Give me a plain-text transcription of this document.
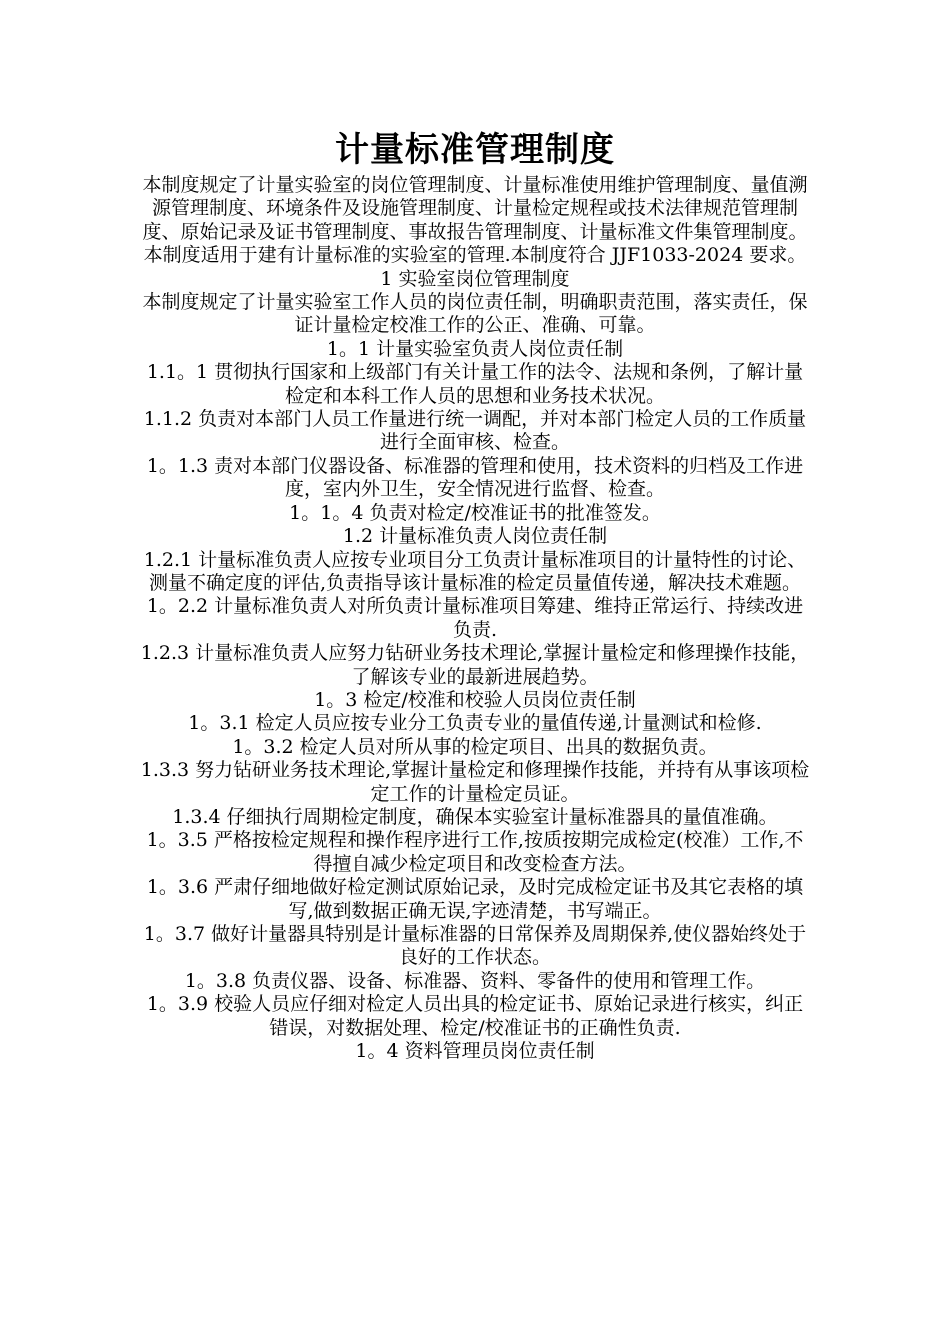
计量标准管理制度

本制度规定了计量实验室的岗位管理制度、计量标准使用维护管理制度、量值溯源管理制度、环境条件及设施管理制度、计量检定规程或技术法律规范管理制度、原始记录及证书管理制度、事故报告管理制度、计量标准文件集管理制度。

本制度适用于建有计量标准的实验室的管理.本制度符合 JJF1033-2024 要求。

1 实验室岗位管理制度

本制度规定了计量实验室工作人员的岗位责任制，明确职责范围，落实责任，保证计量检定校准工作的公正、准确、可靠。

1。1 计量实验室负责人岗位责任制

1.1。1 贯彻执行国家和上级部门有关计量工作的法令、法规和条例，了解计量检定和本科工作人员的思想和业务技术状况。

1.1.2 负责对本部门人员工作量进行统一调配，并对本部门检定人员的工作质量进行全面审核、检查。

1。1.3 责对本部门仪器设备、标准器的管理和使用，技术资料的归档及工作进度，室内外卫生，安全情况进行监督、检查。

1。1。4 负责对检定/校准证书的批准签发。

1.2 计量标准负责人岗位责任制

1.2.1 计量标准负责人应按专业项目分工负责计量标准项目的计量特性的讨论、测量不确定度的评估,负责指导该计量标准的检定员量值传递，解决技术难题。

1。2.2 计量标准负责人对所负责计量标准项目筹建、维持正常运行、持续改进负责.

1.2.3 计量标准负责人应努力钻研业务技术理论,掌握计量检定和修理操作技能，了解该专业的最新进展趋势。

1。3 检定/校准和校验人员岗位责任制

1。3.1 检定人员应按专业分工负责专业的量值传递,计量测试和检修.

1。3.2 检定人员对所从事的检定项目、出具的数据负责。

1.3.3 努力钻研业务技术理论,掌握计量检定和修理操作技能，并持有从事该项检定工作的计量检定员证。

1.3.4 仔细执行周期检定制度，确保本实验室计量标准器具的量值准确。

1。3.5 严格按检定规程和操作程序进行工作,按质按期完成检定(校准）工作,不得擅自减少检定项目和改变检查方法。

1。3.6 严肃仔细地做好检定测试原始记录，及时完成检定证书及其它表格的填写,做到数据正确无误,字迹清楚，书写端正。

1。3.7 做好计量器具特别是计量标准器的日常保养及周期保养,使仪器始终处于良好的工作状态。

1。3.8 负责仪器、设备、标准器、资料、零备件的使用和管理工作。

1。3.9 校验人员应仔细对检定人员出具的检定证书、原始记录进行核实，纠正错误，对数据处理、检定/校准证书的正确性负责.

1。4 资料管理员岗位责任制
